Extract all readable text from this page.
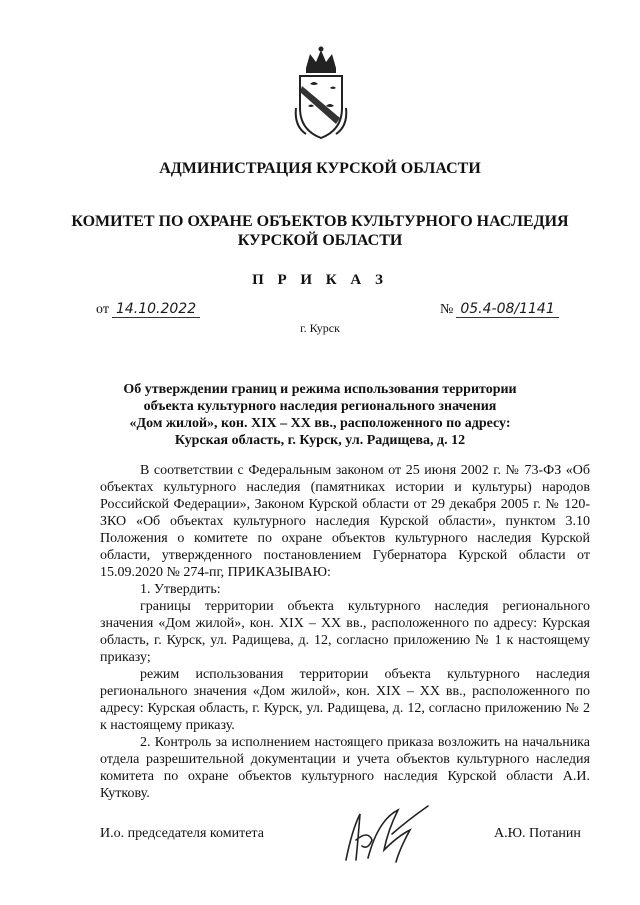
АДМИНИСТРАЦИЯ КУРСКОЙ ОБЛАСТИ
КОМИТЕТ ПО ОХРАНЕ ОБЪЕКТОВ КУЛЬТУРНОГО НАСЛЕДИЯ
КУРСКОЙ ОБЛАСТИ
П Р И К А З
от 14.10.2022	№ 05.4-08/1141
г. Курск
Об утверждении границ и режима использования территории
объекта культурного наследия регионального значения
«Дом жилой», кон. XIX – XX вв., расположенного по адресу:
Курская область, г. Курск, ул. Радищева, д. 12

В соответствии с Федеральным законом от 25 июня 2002 г. № 73-ФЗ «Об объектах культурного наследия (памятниках истории и культуры) народов Российской Федерации», Законом Курской области от 29 декабря 2005 г. № 120-ЗКО «Об объектах культурного наследия Курской области», пунктом 3.10 Положения о комитете по охране объектов культурного наследия Курской области, утвержденного постановлением Губернатора Курской области от 15.09.2020 № 274-пг, ПРИКАЗЫВАЮ:

1. Утвердить:

границы территории объекта культурного наследия регионального значения «Дом жилой», кон. XIX – XX вв., расположенного по адресу: Курская область, г. Курск, ул. Радищева, д. 12, согласно приложению № 1 к настоящему приказу;

режим использования территории объекта культурного наследия регионального значения «Дом жилой», кон. XIX – XX вв., расположенного по адресу: Курская область, г. Курск, ул. Радищева, д. 12, согласно приложению № 2 к настоящему приказу.

2. Контроль за исполнением настоящего приказа возложить на начальника отдела разрешительной документации и учета объектов культурного наследия комитета по охране объектов культурного наследия Курской области А.И. Куткову.

И.о. председателя комитета	А.Ю. Потанин
